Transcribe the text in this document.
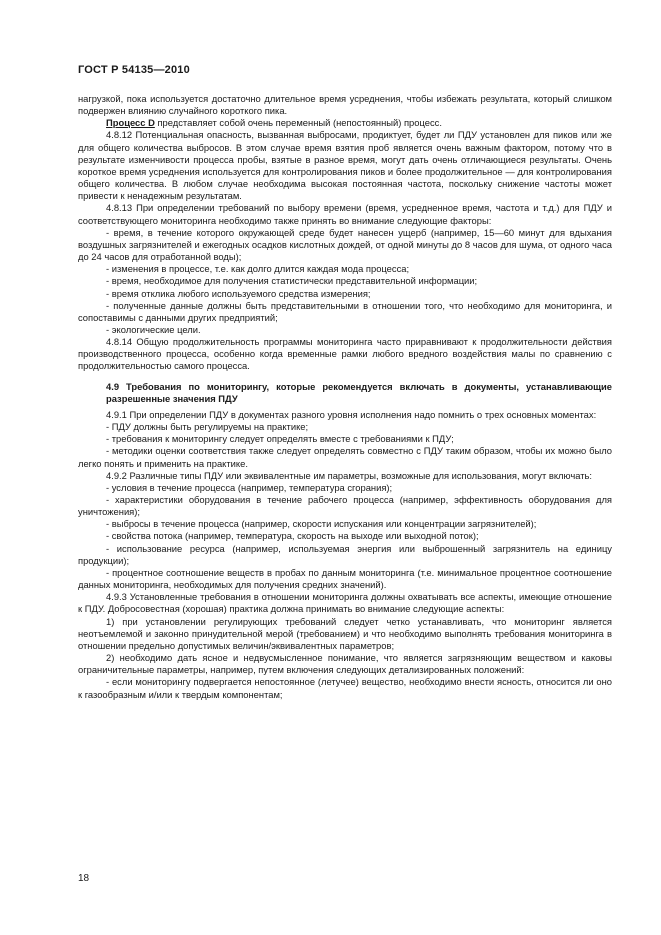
ГОСТ Р 54135—2010

нагрузкой, пока используется достаточно длительное время усреднения, чтобы избежать результата, который слишком подвержен влиянию случайного короткого пика.

Процесс D представляет собой очень переменный (непостоянный) процесс.

4.8.12 Потенциальная опасность, вызванная выбросами, продиктует, будет ли ПДУ установлен для пиков или же для общего количества выбросов. В этом случае время взятия проб является очень важным фактором, потому что в результате изменчивости процесса пробы, взятые в разное время, могут дать очень отличающиеся результаты. Очень короткое время усреднения используется для контролирования пиков и более продолжительное — для контролирования общего количества. В любом случае необходима высокая постоянная частота, поскольку снижение частоты может привести к ненадежным результатам.

4.8.13 При определении требований по выбору времени (время, усредненное время, частота и т.д.) для ПДУ и соответствующего мониторинга необходимо также принять во внимание следующие факторы:

- время, в течение которого окружающей среде будет нанесен ущерб (например, 15—60 минут для вдыхания воздушных загрязнителей и ежегодных осадков кислотных дождей, от одной минуты до 8 часов для шума, от одного часа до 24 часов для отработанной воды);

- изменения в процессе, т.е. как долго длится каждая мода процесса;

- время, необходимое для получения статистически представительной информации;

- время отклика любого используемого средства измерения;

- полученные данные должны быть представительными в отношении того, что необходимо для мониторинга, и сопоставимы с данными других предприятий;

- экологические цели.

4.8.14 Общую продолжительность программы мониторинга часто приравнивают к продолжительности действия производственного процесса, особенно когда временные рамки любого вредного воздействия малы по сравнению с продолжительностью самого процесса.

4.9 Требования по мониторингу, которые рекомендуется включать в документы, устанавливающие разрешенные значения ПДУ

4.9.1 При определении ПДУ в документах разного уровня исполнения надо помнить о трех основных моментах:

- ПДУ должны быть регулируемы на практике;

- требования к мониторингу следует определять вместе с требованиями к ПДУ;

- методики оценки соответствия также следует определять совместно с ПДУ таким образом, чтобы их можно было легко понять и применить на практике.

4.9.2 Различные типы ПДУ или эквивалентные им параметры, возможные для использования, могут включать:

- условия в течение процесса (например, температура сгорания);

- характеристики оборудования в течение рабочего процесса (например, эффективность оборудования для уничтожения);

- выбросы в течение процесса (например, скорости испускания или концентрации загрязнителей);

- свойства потока (например, температура, скорость на выходе или выходной поток);

- использование ресурса (например, используемая энергия или выброшенный загрязнитель на единицу продукции);

- процентное соотношение веществ в пробах по данным мониторинга (т.е. минимальное процентное соотношение данных мониторинга, необходимых для получения средних значений).

4.9.3 Установленные требования в отношении мониторинга должны охватывать все аспекты, имеющие отношение к ПДУ. Добросовестная (хорошая) практика должна принимать во внимание следующие аспекты:

1) при установлении регулирующих требований следует четко устанавливать, что мониторинг является неотъемлемой и законно принудительной мерой (требованием) и что необходимо выполнять требования мониторинга в отношении предельно допустимых величин/эквивалентных параметров;

2) необходимо дать ясное и недвусмысленное понимание, что является загрязняющим веществом и каковы ограничительные параметры, например, путем включения следующих детализированных положений:

- если мониторингу подвергается непостоянное (летучее) вещество, необходимо внести ясность, относится ли оно к газообразным и/или к твердым компонентам;

18
